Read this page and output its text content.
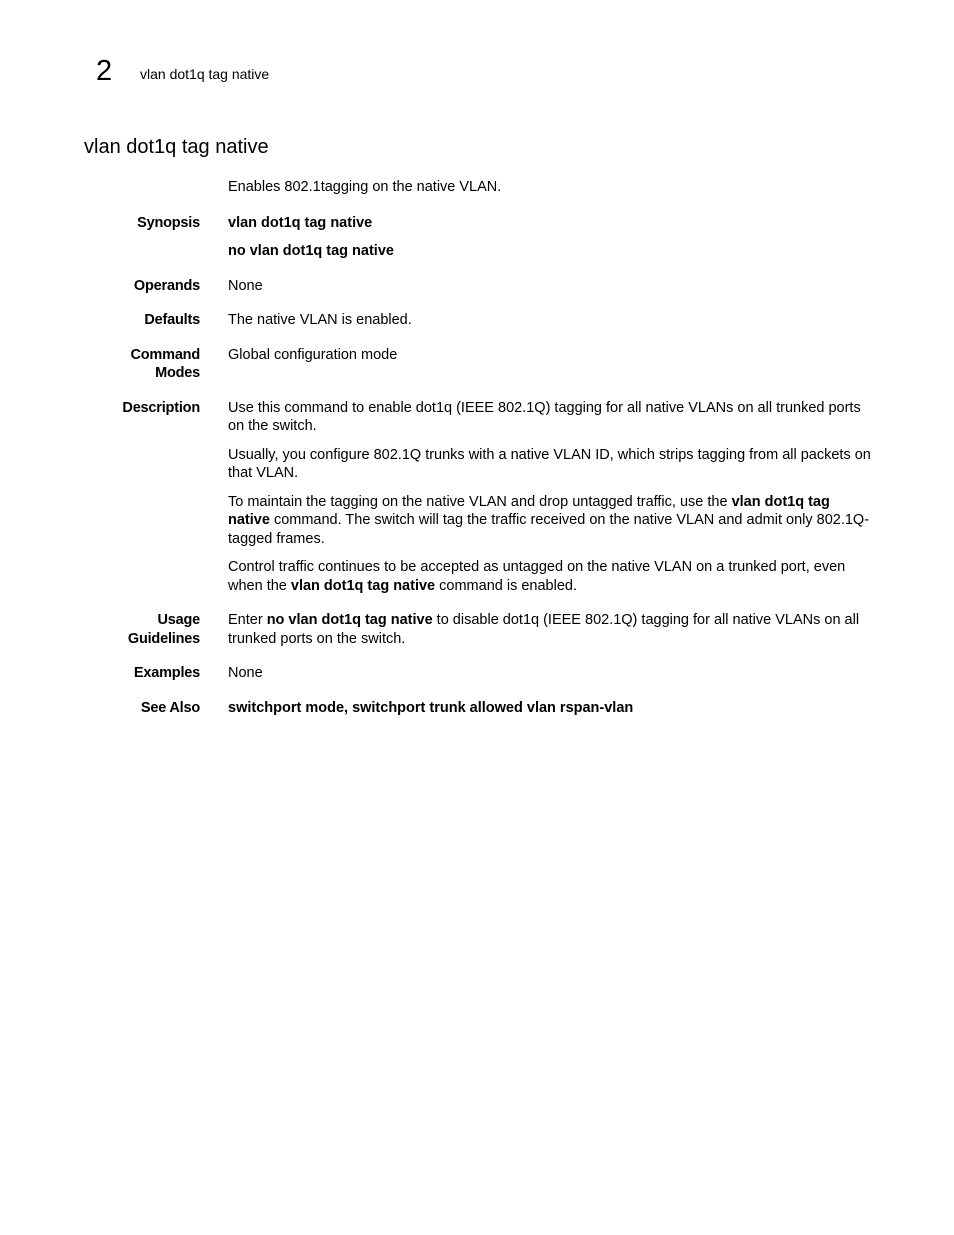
2 vlan dot1q tag native
vlan dot1q tag native
Enables 802.1tagging on the native VLAN.
Synopsis vlan dot1q tag native
no vlan dot1q tag native
Operands None
Defaults The native VLAN is enabled.
Command Modes
Global configuration mode
Description Use this command to enable dot1q (IEEE 802.1Q) tagging for all native VLANs on all trunked ports on the switch.

Usually, you configure 802.1Q trunks with a native VLAN ID, which strips tagging from all packets on that VLAN.

To maintain the tagging on the native VLAN and drop untagged traffic, use the vlan dot1q tag native command. The switch will tag the traffic received on the native VLAN and admit only 802.1Q-tagged frames.

Control traffic continues to be accepted as untagged on the native VLAN on a trunked port, even when the vlan dot1q tag native command is enabled.

Usage Guidelines
Enter no vlan dot1q tag native to disable dot1q (IEEE 802.1Q) tagging for all native VLANs on all trunked ports on the switch.
Examples None
See Also switchport mode, switchport trunk allowed vlan rspan-vlan
